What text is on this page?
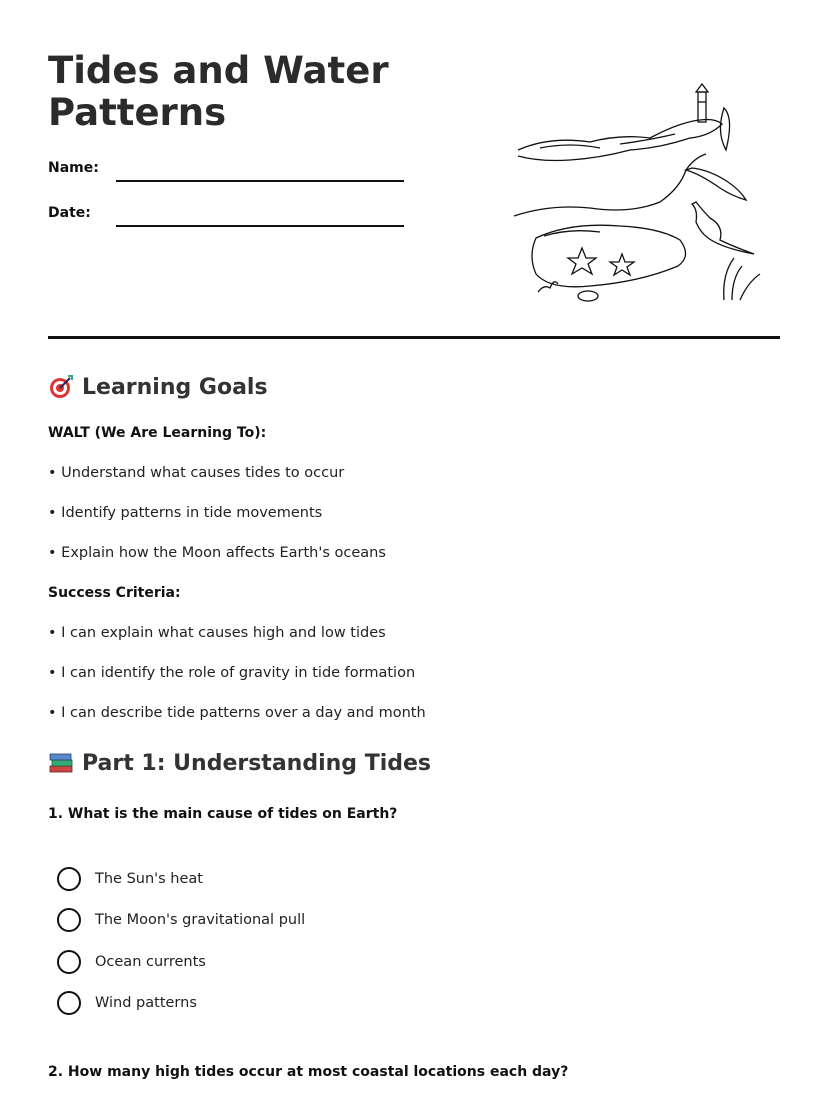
Tides and Water Patterns
Name:
Date:
Learning Goals
WALT (We Are Learning To):
• Understand what causes tides to occur
• Identify patterns in tide movements
• Explain how the Moon affects Earth's oceans
Success Criteria:
• I can explain what causes high and low tides
• I can identify the role of gravity in tide formation
• I can describe tide patterns over a day and month
Part 1: Understanding Tides
1. What is the main cause of tides on Earth?
The Sun's heat
The Moon's gravitational pull
Ocean currents
Wind patterns
2. How many high tides occur at most coastal locations each day?
